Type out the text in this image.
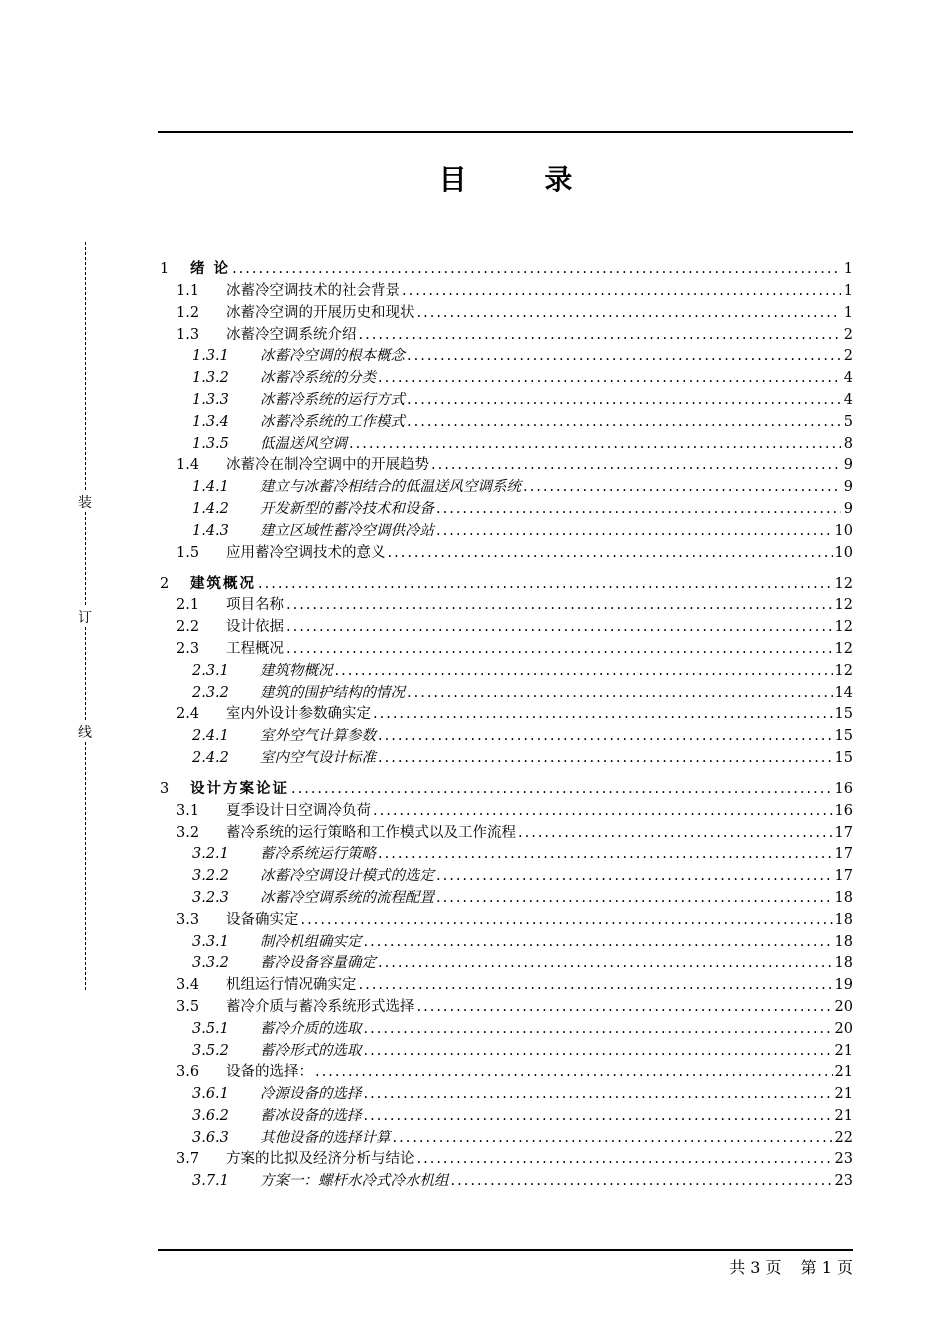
目 录
装
订
线
1	绪 论 .....	1
1.1	冰蓄冷空调技术的社会背景 .....	1
1.2	冰蓄冷空调的开展历史和现状 .....	1
1.3	冰蓄冷空调系统介绍 .....	2
1.3.1	冰蓄冷空调的根本概念 .....	2
1.3.2	冰蓄冷系统的分类 .....	4
1.3.3	冰蓄冷系统的运行方式 .....	4
1.3.4	冰蓄冷系统的工作模式 .....	5
1.3.5	低温送风空调 .....	8
1.4	冰蓄冷在制冷空调中的开展趋势 .....	9
1.4.1	建立与冰蓄冷相结合的低温送风空调系统 .....	9
1.4.2	开发新型的蓄冷技术和设备 .....	9
1.4.3	建立区域性蓄冷空调供冷站 .....	10
1.5	应用蓄冷空调技术的意义 .....	10
2	建筑概况 .....	12
2.1	项目名称 .....	12
2.2	设计依据 .....	12
2.3	工程概况 .....	12
2.3.1	建筑物概况 .....	12
2.3.2	建筑的围护结构的情况 .....	14
2.4	室内外设计参数确实定 .....	15
2.4.1	室外空气计算参数 .....	15
2.4.2	室内空气设计标准 .....	15
3	设计方案论证 .....	16
3.1	夏季设计日空调冷负荷 .....	16
3.2	蓄冷系统的运行策略和工作模式以及工作流程 .....	17
3.2.1	蓄冷系统运行策略 .....	17
3.2.2	冰蓄冷空调设计模式的选定 .....	17
3.2.3	冰蓄冷空调系统的流程配置 .....	18
3.3	设备确实定 .....	18
3.3.1	制冷机组确实定 .....	18
3.3.2	蓄冷设备容量确定 .....	18
3.4	机组运行情况确实定 .....	19
3.5	蓄冷介质与蓄冷系统形式选择 .....	20
3.5.1	蓄冷介质的选取 .....	20
3.5.2	蓄冷形式的选取 .....	21
3.6	设备的选择： .....	21
3.6.1	冷源设备的选择 .....	21
3.6.2	蓄冰设备的选择 .....	21
3.6.3	其他设备的选择计算 .....	22
3.7	方案的比拟及经济分析与结论 .....	23
3.7.1	方案一：螺杆水冷式冷水机组 .....	23
共 3 页 第 1 页
